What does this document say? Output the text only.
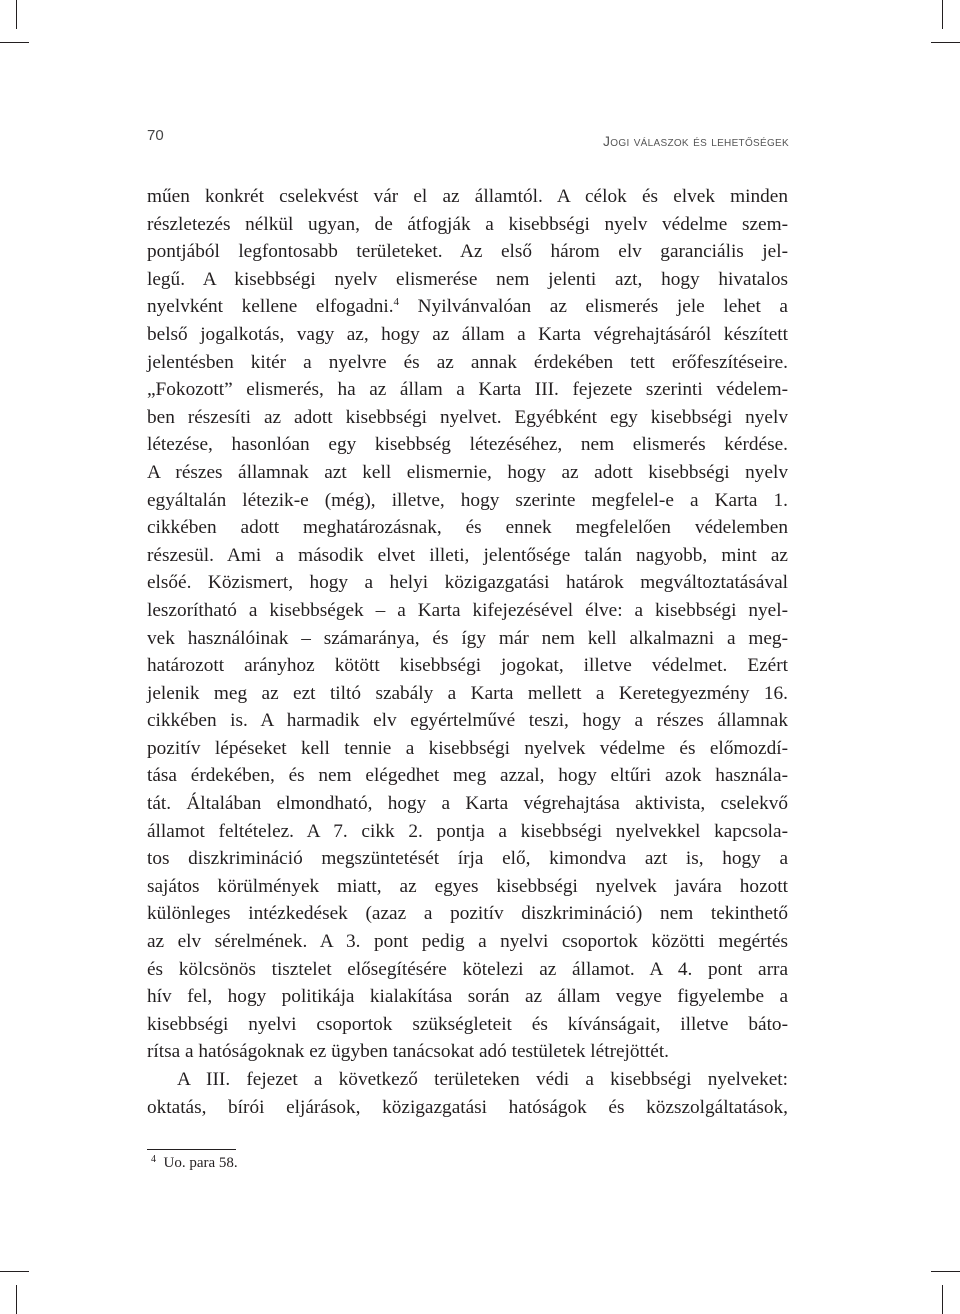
70	Jogi válaszok és lehetőségek
műen konkrét cselekvést vár el az államtól. A célok és elvek minden
részletezés nélkül ugyan, de átfogják a kisebbségi nyelv védelme szem-
pontjából legfontosabb területeket. Az első három elv garanciális jel-
legű. A kisebbségi nyelv elismerése nem jelenti azt, hogy hivatalos
nyelvként kellene elfogadni.$^4$ Nyilvánvalóan az elismerés jele lehet a
belső jogalkotás, vagy az, hogy az állam a Karta végrehajtásáról készített
jelentésben kitér a nyelvre és az annak érdekében tett erőfeszítéseire.
„Fokozott” elismerés, ha az állam a Karta III. fejezete szerinti védelem-
ben részesíti az adott kisebbségi nyelvet. Egyébként egy kisebbségi nyelv
létezése, hasonlóan egy kisebbség létezéséhez, nem elismerés kérdése.
A részes államnak azt kell elismernie, hogy az adott kisebbségi nyelv
egyáltalán létezik-e (még), illetve, hogy szerinte megfelel-e a Karta 1.
cikkében adott meghatározásnak, és ennek megfelelően védelemben
részesül. Ami a második elvet illeti, jelentősége talán nagyobb, mint az
elsőé. Közismert, hogy a helyi közigazgatási határok megváltoztatásával
leszorítható a kisebbségek – a Karta kifejezésével élve: a kisebbségi nyel-
vek használóinak – számaránya, és így már nem kell alkalmazni a meg-
határozott arányhoz kötött kisebbségi jogokat, illetve védelmet. Ezért
jelenik meg az ezt tiltó szabály a Karta mellett a Keretegyezmény 16.
cikkében is. A harmadik elv egyértelművé teszi, hogy a részes államnak
pozitív lépéseket kell tennie a kisebbségi nyelvek védelme és előmozdí-
tása érdekében, és nem elégedhet meg azzal, hogy eltűri azok használa-
tát. Általában elmondható, hogy a Karta végrehajtása aktivista, cselekvő
államot feltételez. A 7. cikk 2. pontja a kisebbségi nyelvekkel kapcsola-
tos diszkrimináció megszüntetését írja elő, kimondva azt is, hogy a
sajátos körülmények miatt, az egyes kisebbségi nyelvek javára hozott
különleges intézkedések (azaz a pozitív diszkrimináció) nem tekinthető
az elv sérelmének. A 3. pont pedig a nyelvi csoportok közötti megértés
és kölcsönös tisztelet elősegítésére kötelezi az államot. A 4. pont arra
hív fel, hogy politikája kialakítása során az állam vegye figyelembe a
kisebbségi nyelvi csoportok szükségleteit és kívánságait, illetve bátо-
rítsa a hatóságoknak ez ügyben tanácsokat adó testületek létrejöttét.
A III. fejezet a következő területeken védi a kisebbségi nyelveket:
oktatás, bírói eljárások, közigazgatási hatóságok és közszolgáltatások,
$^4$ Uo. para 58.
